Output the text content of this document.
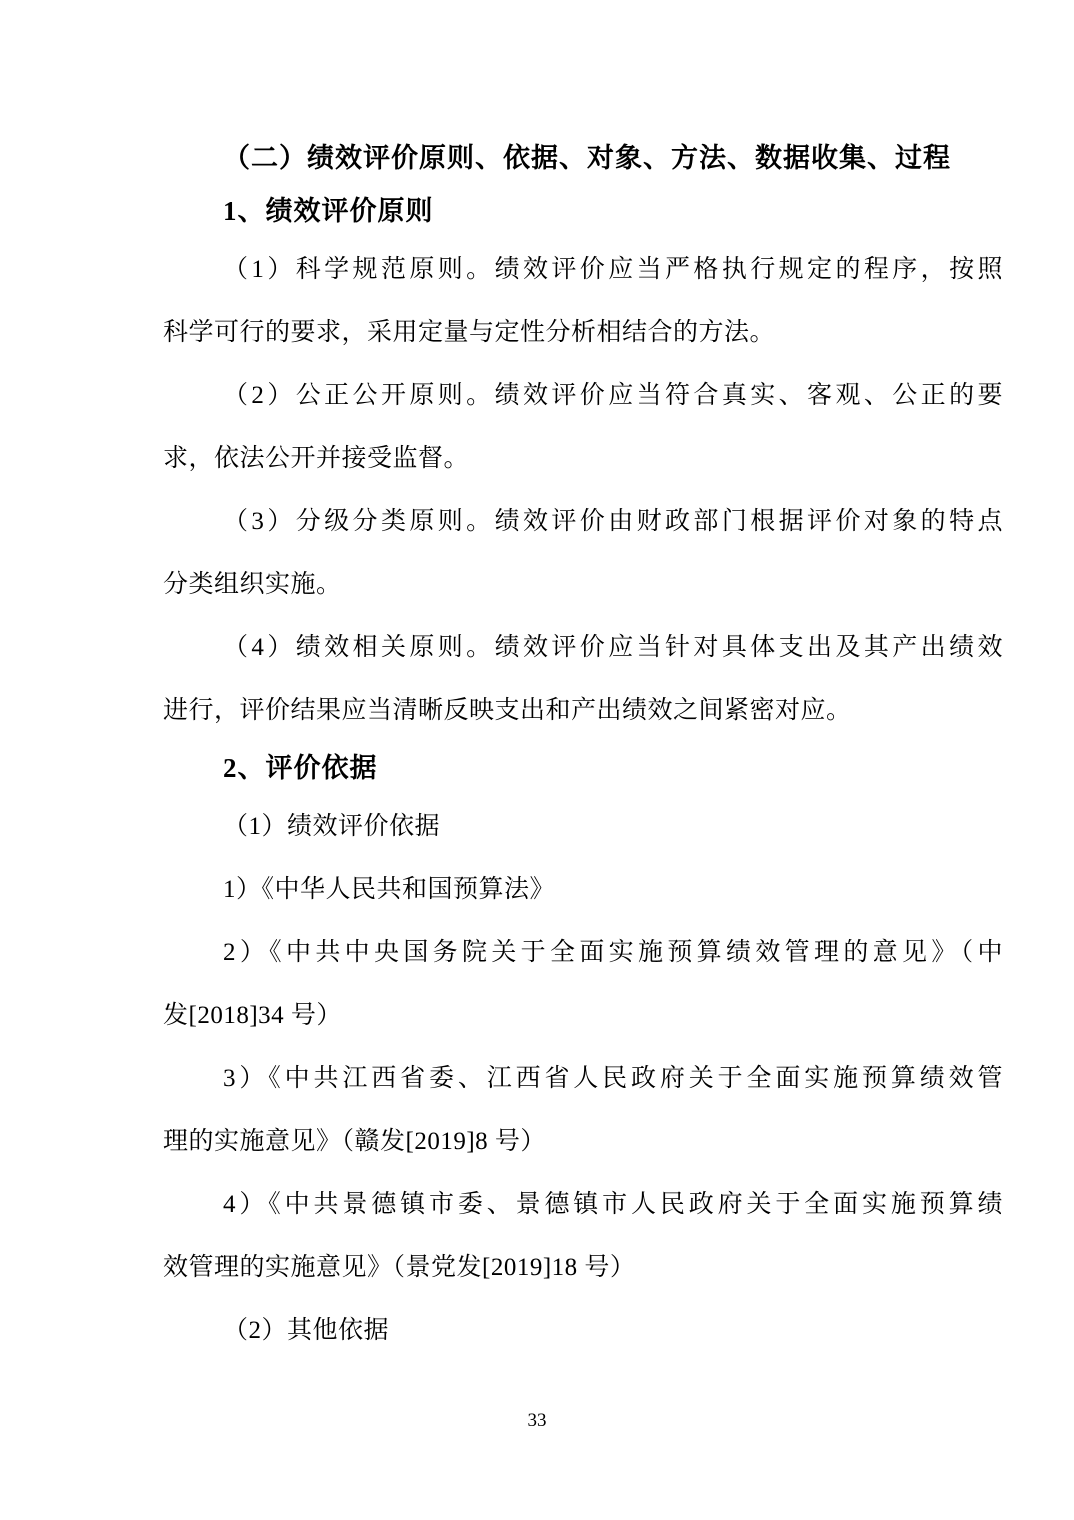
（二）绩效评价原则、依据、对象、方法、数据收集、过程
1、绩效评价原则
（1）科学规范原则。绩效评价应当严格执行规定的程序，按照
科学可行的要求，采用定量与定性分析相结合的方法。
（2）公正公开原则。绩效评价应当符合真实、客观、公正的要
求，依法公开并接受监督。
（3）分级分类原则。绩效评价由财政部门根据评价对象的特点
分类组织实施。
（4）绩效相关原则。绩效评价应当针对具体支出及其产出绩效
进行，评价结果应当清晰反映支出和产出绩效之间紧密对应。
2、评价依据
（1）绩效评价依据
1）《中华人民共和国预算法》
2）《中共中央国务院关于全面实施预算绩效管理的意见》（中
发[2018]34 号）
3）《中共江西省委、江西省人民政府关于全面实施预算绩效管
理的实施意见》（赣发[2019]8 号）
4）《中共景德镇市委、景德镇市人民政府关于全面实施预算绩
效管理的实施意见》（景党发[2019]18 号）
（2）其他依据
33
